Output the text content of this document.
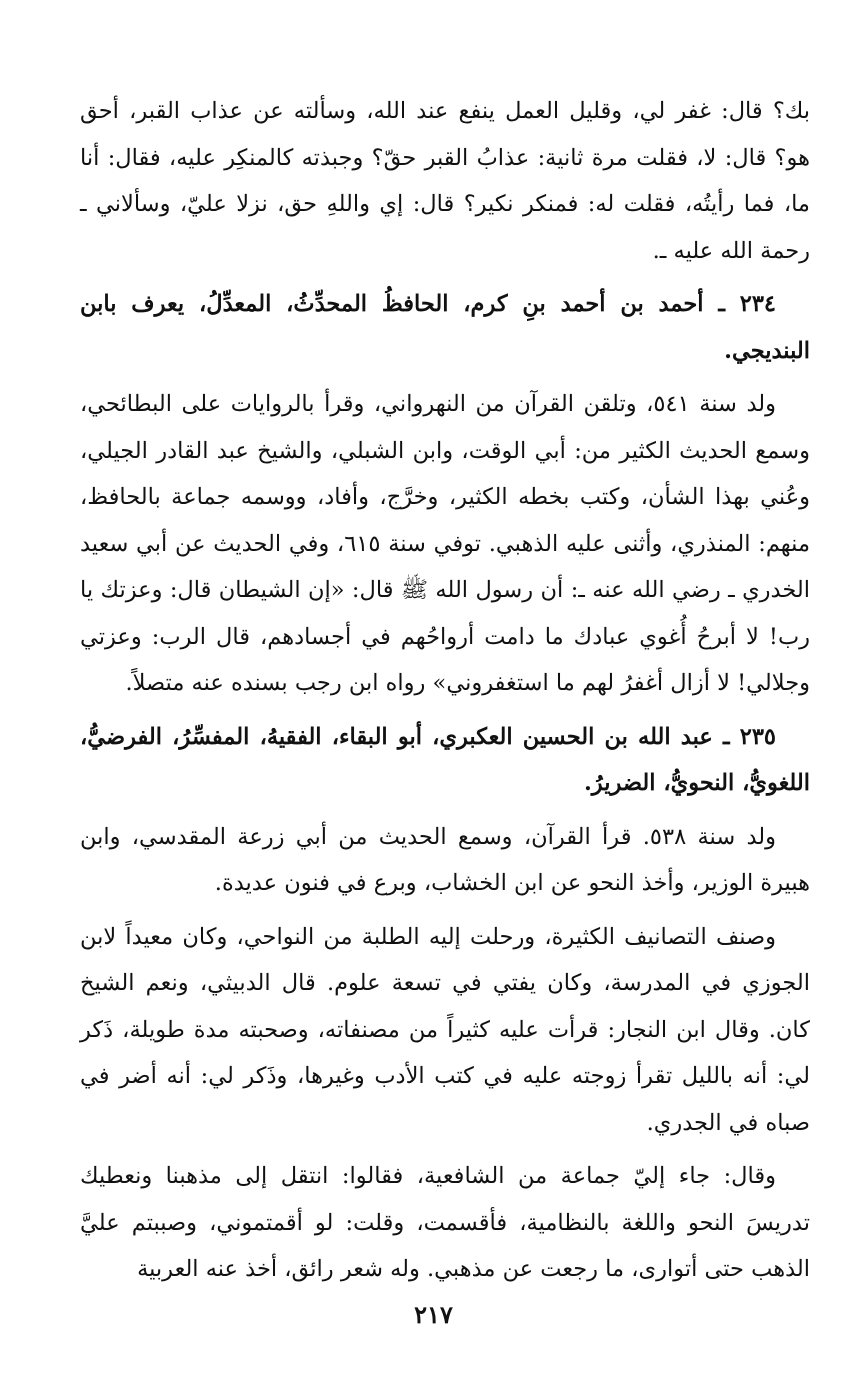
بك؟ قال: غفر لي، وقليل العمل ينفع عند الله، وسألته عن عذاب القبر، أحق هو؟ قال: لا، فقلت مرة ثانية: عذابُ القبر حقّ؟ وجبذته كالمنكِر عليه، فقال: أنا ما، فما رأيتُه، فقلت له: فمنكر نكير؟ قال: إي واللهِ حق، نزلا عليّ، وسألاني ـ رحمة الله عليه ـ.

٢٣٤ ـ أحمد بن أحمد بنِ كرم، الحافظُ المحدِّثُ، المعدِّلُ، يعرف بابن البنديجي.

ولد سنة ٥٤١، وتلقن القرآن من النهرواني، وقرأ بالروايات على البطائحي، وسمع الحديث الكثير من: أبي الوقت، وابن الشبلي، والشيخ عبد القادر الجيلي، وعُني بهذا الشأن، وكتب بخطه الكثير، وخرَّج، وأفاد، ووسمه جماعة بالحافظ، منهم: المنذري، وأثنى عليه الذهبي. توفي سنة ٦١٥، وفي الحديث عن أبي سعيد الخدري ـ رضي الله عنه ـ: أن رسول الله ﷺ قال: «إن الشيطان قال: وعزتك يا رب! لا أبرحُ أُغوي عبادك ما دامت أرواحُهم في أجسادهم، قال الرب: وعزتي وجلالي! لا أزال أغفرُ لهم ما استغفروني» رواه ابن رجب بسنده عنه متصلاً.

٢٣٥ ـ عبد الله بن الحسين العكبري، أبو البقاء، الفقيهُ، المفسِّرُ، الفرضيُّ، اللغويُّ، النحويُّ، الضريرُ.

ولد سنة ٥٣٨. قرأ القرآن، وسمع الحديث من أبي زرعة المقدسي، وابن هبيرة الوزير، وأخذ النحو عن ابن الخشاب، وبرع في فنون عديدة.

وصنف التصانيف الكثيرة، ورحلت إليه الطلبة من النواحي، وكان معيداً لابن الجوزي في المدرسة، وكان يفتي في تسعة علوم. قال الدبيثي، ونعم الشيخ كان. وقال ابن النجار: قرأت عليه كثيراً من مصنفاته، وصحبته مدة طويلة، ذَكر لي: أنه بالليل تقرأ زوجته عليه في كتب الأدب وغيرها، وذَكر لي: أنه أضر في صباه في الجدري.

وقال: جاء إليّ جماعة من الشافعية، فقالوا: انتقل إلى مذهبنا ونعطيك تدريسَ النحو واللغة بالنظامية، فأقسمت، وقلت: لو أقمتموني، وصببتم عليَّ الذهب حتى أتوارى، ما رجعت عن مذهبي. وله شعر رائق، أخذ عنه العربية

٢١٧
